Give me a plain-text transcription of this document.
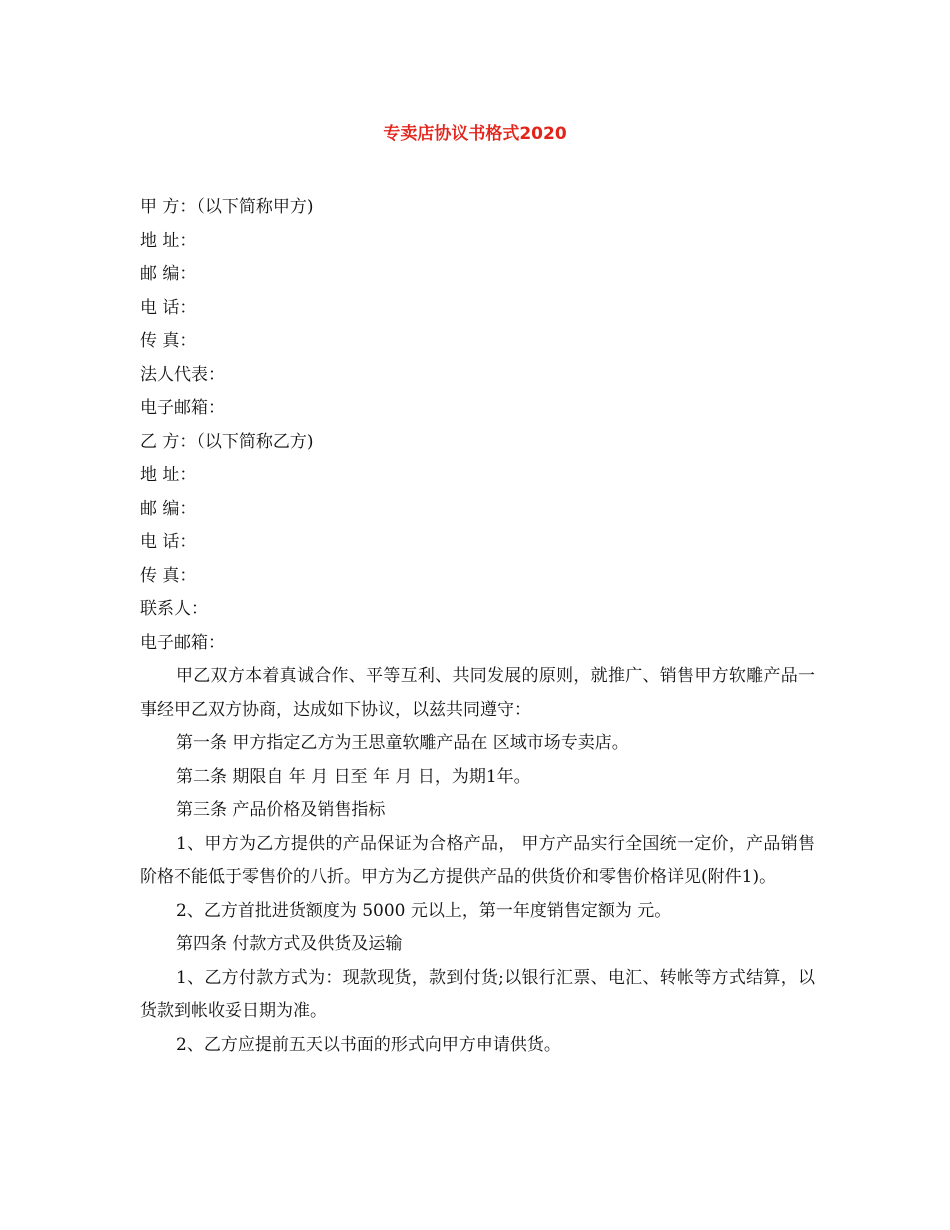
专卖店协议书格式2020

甲 方：（以下简称甲方)

地 址：

邮 编：

电 话：

传 真：

法人代表：

电子邮箱：

乙 方：（以下简称乙方)

地 址：

邮 编：

电 话：

传 真：

联系人：

电子邮箱：

甲乙双方本着真诚合作、平等互利、共同发展的原则，就推广、销售甲方软雕产品一事经甲乙双方协商，达成如下协议，以兹共同遵守：

第一条 甲方指定乙方为王思童软雕产品在 区域市场专卖店。

第二条 期限自 年 月 日至 年 月 日，为期1年。

第三条 产品价格及销售指标

1、甲方为乙方提供的产品保证为合格产品， 甲方产品实行全国统一定价，产品销售阶格不能低于零售价的八折。甲方为乙方提供产品的供货价和零售价格详见(附件1)。

2、乙方首批进货额度为 5000 元以上，第一年度销售定额为 元。

第四条 付款方式及供货及运输

1、乙方付款方式为：现款现货，款到付货;以银行汇票、电汇、转帐等方式结算，以货款到帐收妥日期为准。

2、乙方应提前五天以书面的形式向甲方申请供货。
